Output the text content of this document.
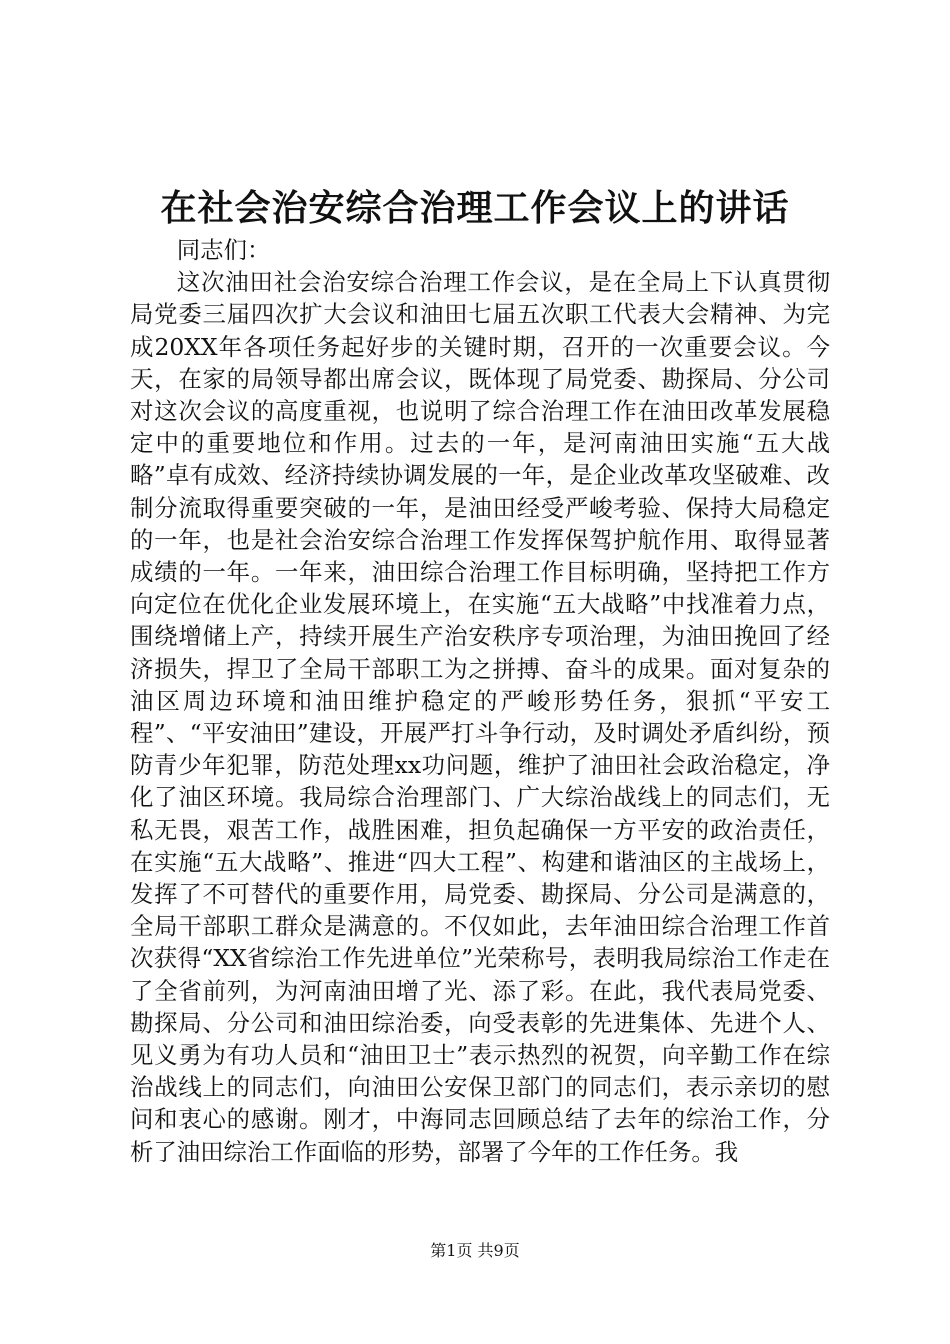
在社会治安综合治理工作会议上的讲话

同志们：

这次油田社会治安综合治理工作会议，是在全局上下认真贯彻局党委三届四次扩大会议和油田七届五次职工代表大会精神、为完成20XX年各项任务起好步的关键时期，召开的一次重要会议。今天，在家的局领导都出席会议，既体现了局党委、勘探局、分公司对这次会议的高度重视，也说明了综合治理工作在油田改革发展稳定中的重要地位和作用。过去的一年，是河南油田实施“五大战略”卓有成效、经济持续协调发展的一年，是企业改革攻坚破难、改制分流取得重要突破的一年，是油田经受严峻考验、保持大局稳定的一年，也是社会治安综合治理工作发挥保驾护航作用、取得显著成绩的一年。一年来，油田综合治理工作目标明确，坚持把工作方向定位在优化企业发展环境上，在实施“五大战略”中找准着力点，围绕增储上产，持续开展生产治安秩序专项治理，为油田挽回了经济损失，捍卫了全局干部职工为之拼搏、奋斗的成果。面对复杂的油区周边环境和油田维护稳定的严峻形势任务，狠抓“平安工程”、“平安油田”建设，开展严打斗争行动，及时调处矛盾纠纷，预防青少年犯罪，防范处理xx功问题，维护了油田社会政治稳定，净化了油区环境。我局综合治理部门、广大综治战线上的同志们，无私无畏，艰苦工作，战胜困难，担负起确保一方平安的政治责任，在实施“五大战略”、推进“四大工程”、构建和谐油区的主战场上，发挥了不可替代的重要作用，局党委、勘探局、分公司是满意的，全局干部职工群众是满意的。不仅如此，去年油田综合治理工作首次获得“XX省综治工作先进单位”光荣称号，表明我局综治工作走在了全省前列，为河南油田增了光、添了彩。在此，我代表局党委、勘探局、分公司和油田综治委，向受表彰的先进集体、先进个人、见义勇为有功人员和“油田卫士”表示热烈的祝贺，向辛勤工作在综治战线上的同志们，向油田公安保卫部门的同志们，表示亲切的慰问和衷心的感谢。刚才，中海同志回顾总结了去年的综治工作，分析了油田综治工作面临的形势，部署了今年的工作任务。我

第1页 共9页
